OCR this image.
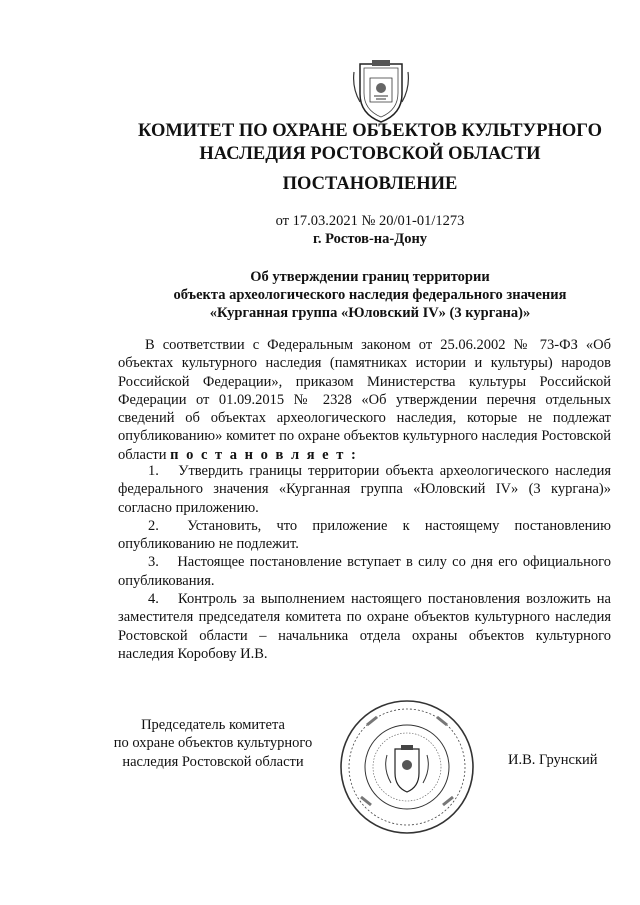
КОМИТЕТ ПО ОХРАНЕ ОБЪЕКТОВ КУЛЬТУРНОГО
НАСЛЕДИЯ РОСТОВСКОЙ ОБЛАСТИ
ПОСТАНОВЛЕНИЕ
от 17.03.2021 № 20/01-01/1273
г. Ростов-на-Дону
Об утверждении границ территории
объекта археологического наследия федерального значения
«Курганная группа «Юловский IV» (3 кургана)»
В соответствии с Федеральным законом от 25.06.2002 № 73-ФЗ «Об объектах культурного наследия (памятниках истории и культуры) народов Российской Федерации», приказом Министерства культуры Российской Федерации от 01.09.2015 № 2328 «Об утверждении перечня отдельных сведений об объектах археологического наследия, которые не подлежат опубликованию» комитет по охране объектов культурного наследия Ростовской области п о с т а н о в л я е т :
1. Утвердить границы территории объекта археологического наследия федерального значения «Курганная группа «Юловский IV» (3 кургана)» согласно приложению.
2. Установить, что приложение к настоящему постановлению опубликованию не подлежит.
3. Настоящее постановление вступает в силу со дня его официального опубликования.
4. Контроль за выполнением настоящего постановления возложить на заместителя председателя комитета по охране объектов культурного наследия Ростовской области – начальника отдела охраны объектов культурного наследия Коробову И.В.
Председатель комитета
по охране объектов культурного
наследия Ростовской области	И.В. Грунский
